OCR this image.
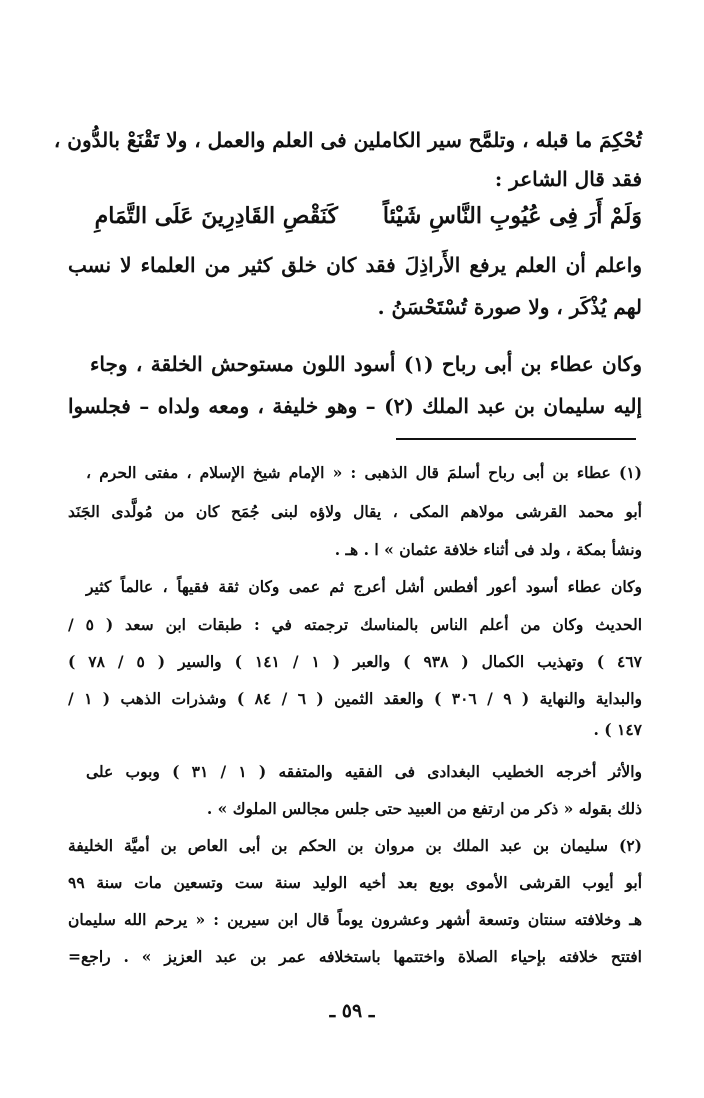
تُحْكِمَ ما قبله ، وتلمَّح سير الكاملين فى العلم والعمل ، ولا تَقْنَعْ بالدُّون ،
فقد قال الشاعر :
وَلَمْ أَرَ فِى عُيُوبِ النَّاسِ شَيْئاً
كَنَقْصِ القَادِرِينَ عَلَى التَّمَامِ
واعلم أن العلم يرفع الأَراذِلَ فقد كان خلق كثير من العلماء لا نسب
لهم يُذْكَر ، ولا صورة تُسْتَحْسَنُ .
وكان عطاء بن أبى رباح (١) أسود اللون مستوحش الخلقة ، وجاء
إليه سليمان بن عبد الملك (٢) – وهو خليفة ، ومعه ولداه – فجلسوا
(١) عطاء بن أبى رباح أسلمَ قال الذهبى : « الإمام شيخ الإسلام ، مفتى الحرم ،
أبو محمد القرشى مولاهم المكى ، يقال ولاؤه لبنى جُمَح كان من مُولَّدى الجَنَد
ونشأ بمكة ، ولد فى أثناء خلافة عثمان » ا . هـ .
وكان عطاء أسود أعور أفطس أشل أعرج ثم عمى وكان ثقة فقيهاً ، عالماً كثير
الحديث وكان من أعلم الناس بالمناسك ترجمته في : طبقات ابن سعد ( ٥ /
٤٦٧ ) وتهذيب الكمال ( ٩٣٨ ) والعبر ( ١ / ١٤١ ) والسير ( ٥ / ٧٨ )
والبداية والنهاية ( ٩ / ٣٠٦ ) والعقد الثمين ( ٦ / ٨٤ ) وشذرات الذهب ( ١ /
١٤٧ ) .
والأثر أخرجه الخطيب البغدادى فى الفقيه والمتفقه ( ١ / ٣١ ) وبوب على
ذلك بقوله « ذكر من ارتفع من العبيد حتى جلس مجالس الملوك » .
(٢) سليمان بن عبد الملك بن مروان بن الحكم بن أبى العاص بن أميَّة الخليفة
أبو أيوب القرشى الأموى بويع بعد أخيه الوليد سنة ست وتسعين مات سنة ٩٩
هـ وخلافته سنتان وتسعة أشهر وعشرون يوماً قال ابن سيرين : « يرحم الله سليمان
افتتح خلافته بإحياء الصلاة واختتمها باستخلافه عمر بن عبد العزيز » . راجع=
ـ ٥٩ ـ
